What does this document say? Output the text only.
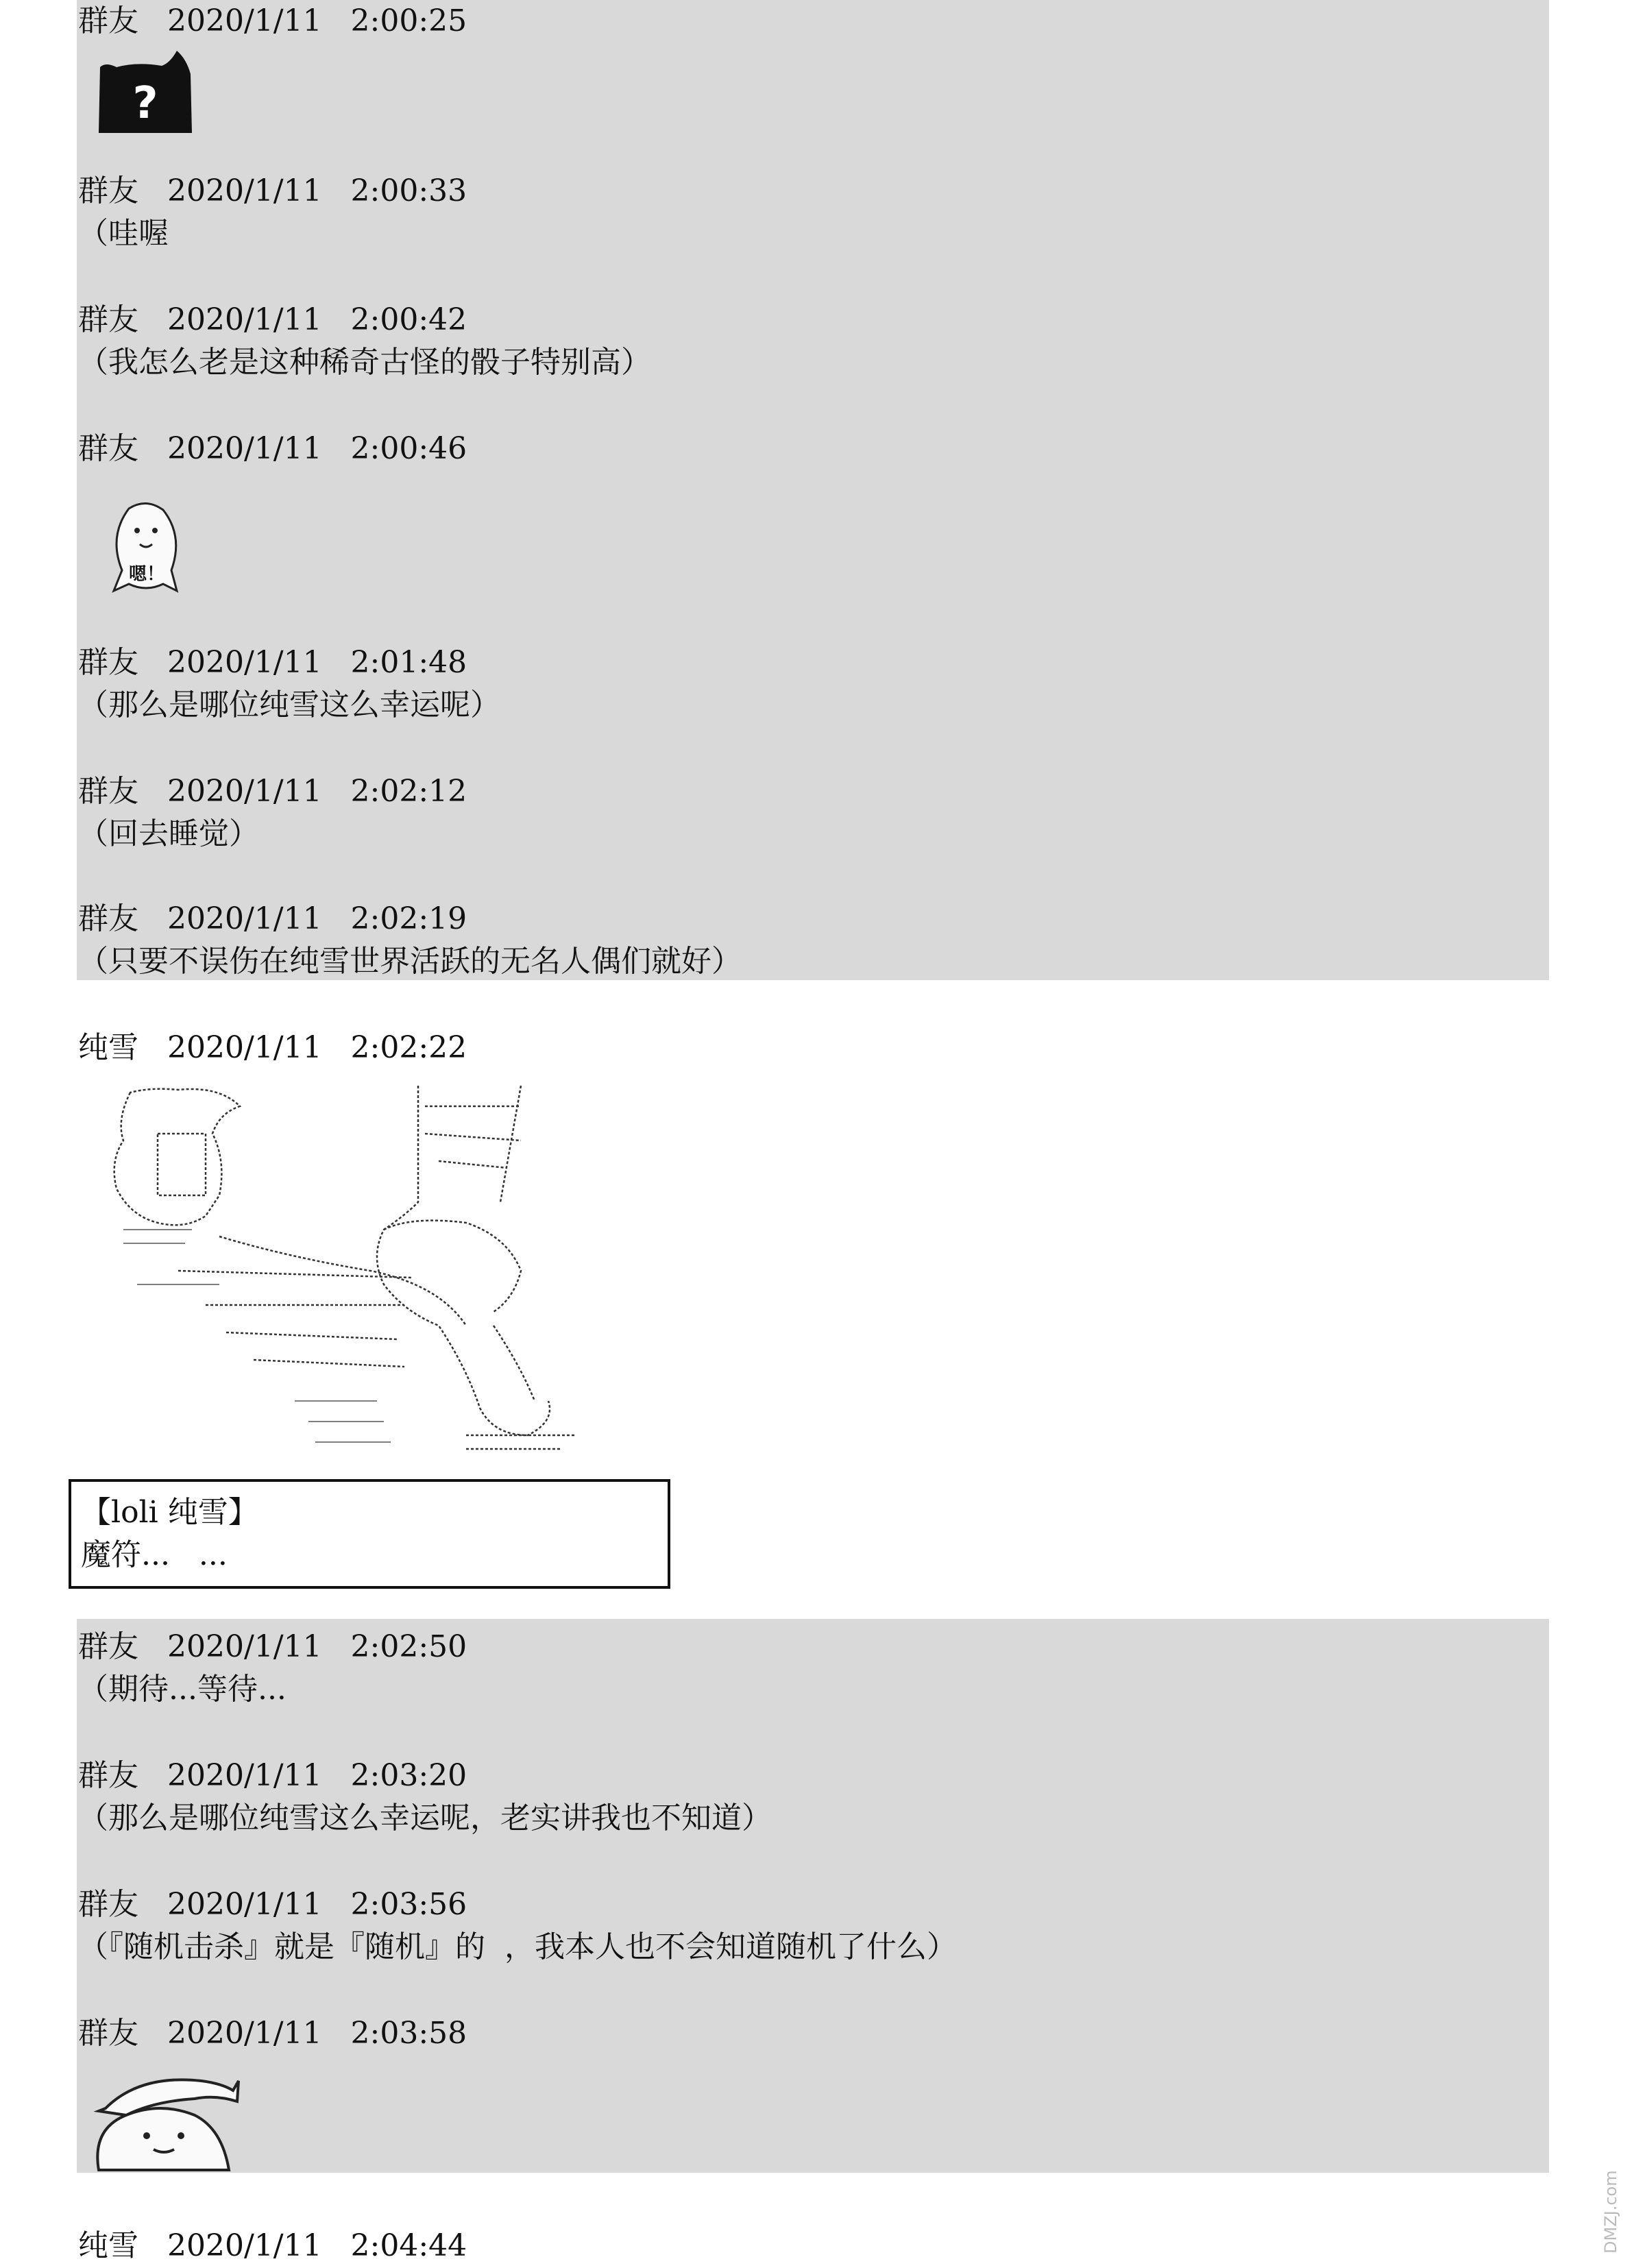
群友 2020/1/11 2:00:25
?
群友 2020/1/11 2:00:33
（哇喔
群友 2020/1/11 2:00:42
（我怎么老是这种稀奇古怪的骰子特别高）
群友 2020/1/11 2:00:46
嗯！
群友 2020/1/11 2:01:48
（那么是哪位纯雪这么幸运呢）
群友 2020/1/11 2:02:12
（回去睡觉）
群友 2020/1/11 2:02:19
（只要不误伤在纯雪世界活跃的无名人偶们就好）
纯雪 2020/1/11 2:02:22
【loli 纯雪】
魔符...   ...
群友 2020/1/11 2:02:50
（期待...等待...
群友 2020/1/11 2:03:20
（那么是哪位纯雪这么幸运呢，老实讲我也不知道）
群友 2020/1/11 2:03:56
（『随机击杀』就是『随机』的  ，我本人也不会知道随机了什么）
群友 2020/1/11 2:03:58
纯雪 2020/1/11 2:04:44	DMZJ.com
